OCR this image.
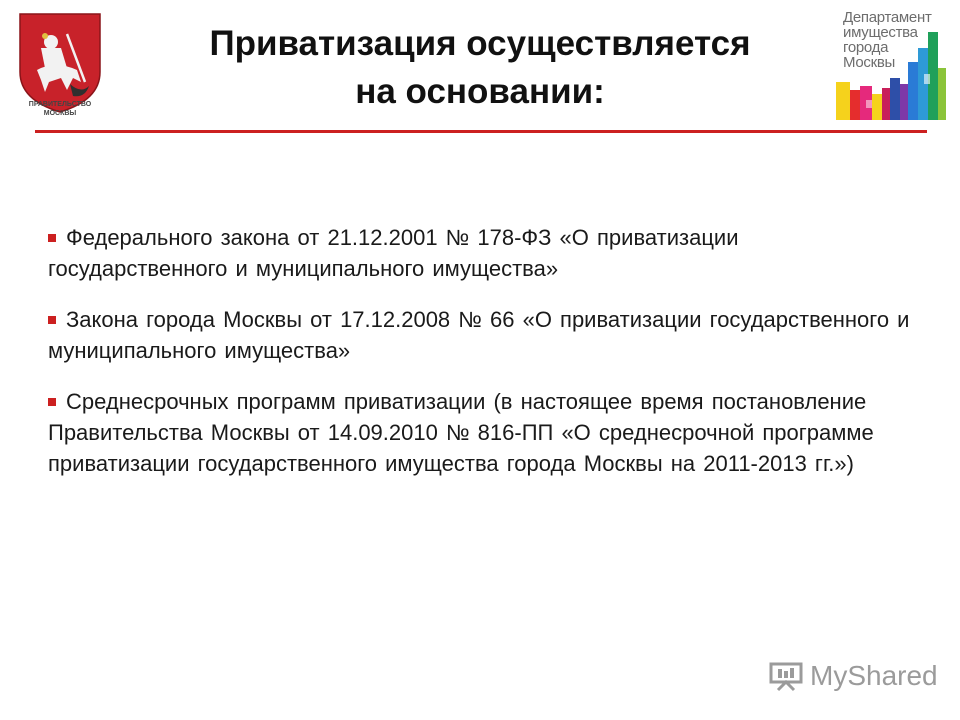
ПРАВИТЕЛЬСТВО
МОСКВЫ
Приватизация осуществляется
на основании:
Департамент
имущества
города
Москвы
Федерального закона от 21.12.2001 № 178-ФЗ «О приватизации государственного и муниципального имущества»
Закона города Москвы от 17.12.2008 № 66 «О приватизации государственного и муниципального имущества»
Среднесрочных программ приватизации (в настоящее время постановление Правительства Москвы от 14.09.2010 № 816-ПП «О среднесрочной программе приватизации государственного имущества города Москвы на 2011-2013 гг.»)
MyShared
